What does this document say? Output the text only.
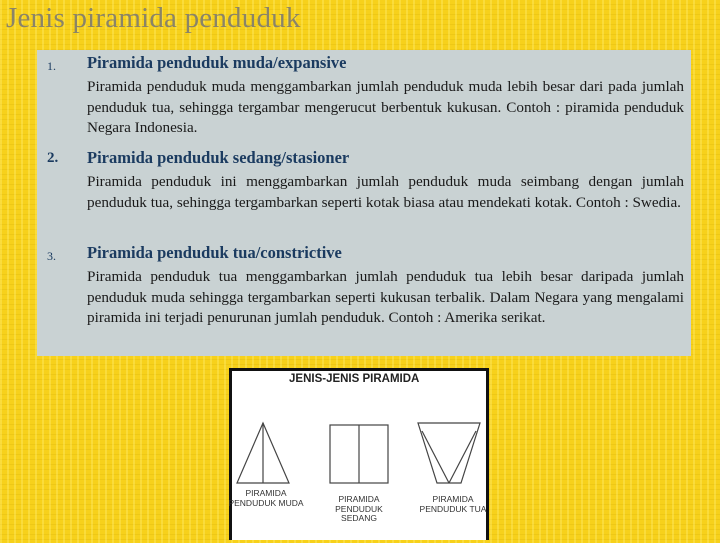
Jenis piramida penduduk
1.	Piramida penduduk muda/expansive

Piramida penduduk muda menggambarkan jumlah penduduk muda lebih besar dari pada jumlah penduduk tua, sehingga tergambar mengerucut berbentuk kukusan. Contoh : piramida penduduk Negara Indonesia.

2.	Piramida penduduk sedang/stasioner

Piramida penduduk ini menggambarkan jumlah penduduk muda seimbang dengan jumlah penduduk tua, sehingga tergambarkan seperti kotak biasa atau mendekati kotak. Contoh : Swedia.

3.	Piramida penduduk tua/constrictive

Piramida penduduk tua menggambarkan jumlah penduduk tua lebih besar daripada jumlah penduduk muda sehingga tergambarkan seperti kukusan terbalik. Dalam Negara yang mengalami piramida ini terjadi penurunan jumlah penduduk. Contoh : Amerika serikat.

JENIS-JENIS PIRAMIDA
PIRAMIDA PENDUDUK MUDA	PIRAMIDA PENDUDUK SEDANG
PIRAMIDA PENDUDUK TUA
